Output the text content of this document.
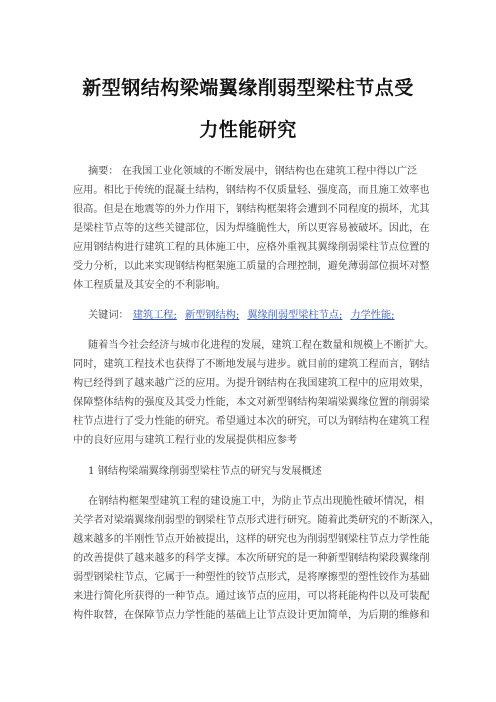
新型钢结构梁端翼缘削弱型梁柱节点受
力性能研究
摘要： 在我国工业化领域的不断发展中，钢结构也在建筑工程中得以广泛
应用。相比于传统的混凝土结构，钢结构不仅质量轻、强度高，而且施工效率也
很高。但是在地震等的外力作用下，钢结构框架将会遭到不同程度的损坏，尤其
是梁柱节点等的这些关键部位，因为焊缝脆性大，所以更容易被破坏。因此，在
应用钢结构进行建筑工程的具体施工中，应格外重视其翼缘削弱梁柱节点位置的
受力分析，以此来实现钢结构框架施工质量的合理控制，避免薄弱部位损坏对整
体工程质量及其安全的不利影响。
关键词： 建筑工程; 新型钢结构; 翼缘削弱型梁柱节点; 力学性能;
随着当今社会经济与城市化进程的发展，建筑工程在数量和规模上不断扩大。
同时，建筑工程技术也获得了不断地发展与进步。就目前的建筑工程而言，钢结
构已经得到了越来越广泛的应用。为提升钢结构在我国建筑工程中的应用效果，
保障整体结构的强度及其受力性能，本文对新型钢结构架端梁翼缘位置的削弱梁
柱节点进行了受力性能的研究。希望通过本次的研究，可以为钢结构在建筑工程
中的良好应用与建筑工程行业的发展提供相应参考
1 钢结构梁端翼缘削弱型梁柱节点的研究与发展概述
在钢结构框架型建筑工程的建设施工中，为防止节点出现脆性破坏情况，相
关学者对梁端翼缘削弱型的钢梁柱节点形式进行研究。随着此类研究的不断深入，
越来越多的半刚性节点开始被提出，这样的研究也为削弱型钢梁柱节点力学性能
的改善提供了越来越多的科学支撑。本次所研究的是一种新型钢结构梁段翼缘削
弱型钢梁柱节点，它属于一种塑性的铰节点形式，是将摩擦型的塑性铰作为基础
来进行简化所获得的一种节点。通过该节点的应用，可以将耗能构件以及可装配
构件取替，在保障节点力学性能的基础上让节点设计更加简单，为后期的维修和
